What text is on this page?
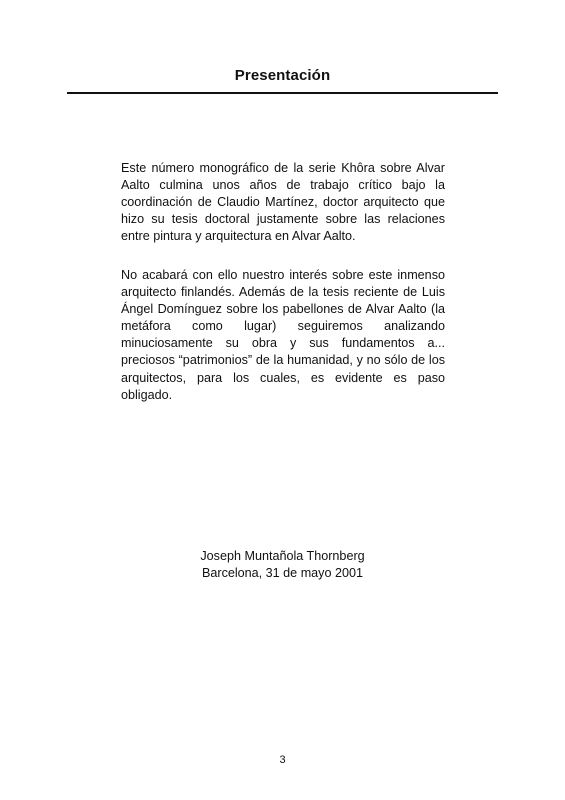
Presentación

Este número monográfico de la serie Khôra sobre Alvar Aalto culmina unos años de trabajo crítico bajo la coordinación de Claudio Martínez, doctor arquitecto que hizo su tesis doctoral justamente sobre las relaciones entre pintura y arquitectura en Alvar Aalto.

No acabará con ello nuestro interés sobre este inmenso arquitecto finlandés. Además de la tesis reciente de Luis Ángel Domínguez sobre los pabellones de Alvar Aalto (la metáfora como lugar) seguiremos analizando minuciosamente su obra y sus fundamentos a... preciosos “patrimonios” de la humanidad, y no sólo de los arquitectos, para los cuales, es evidente es paso obligado.

Joseph Muntañola Thornberg
Barcelona, 31 de mayo 2001
3
